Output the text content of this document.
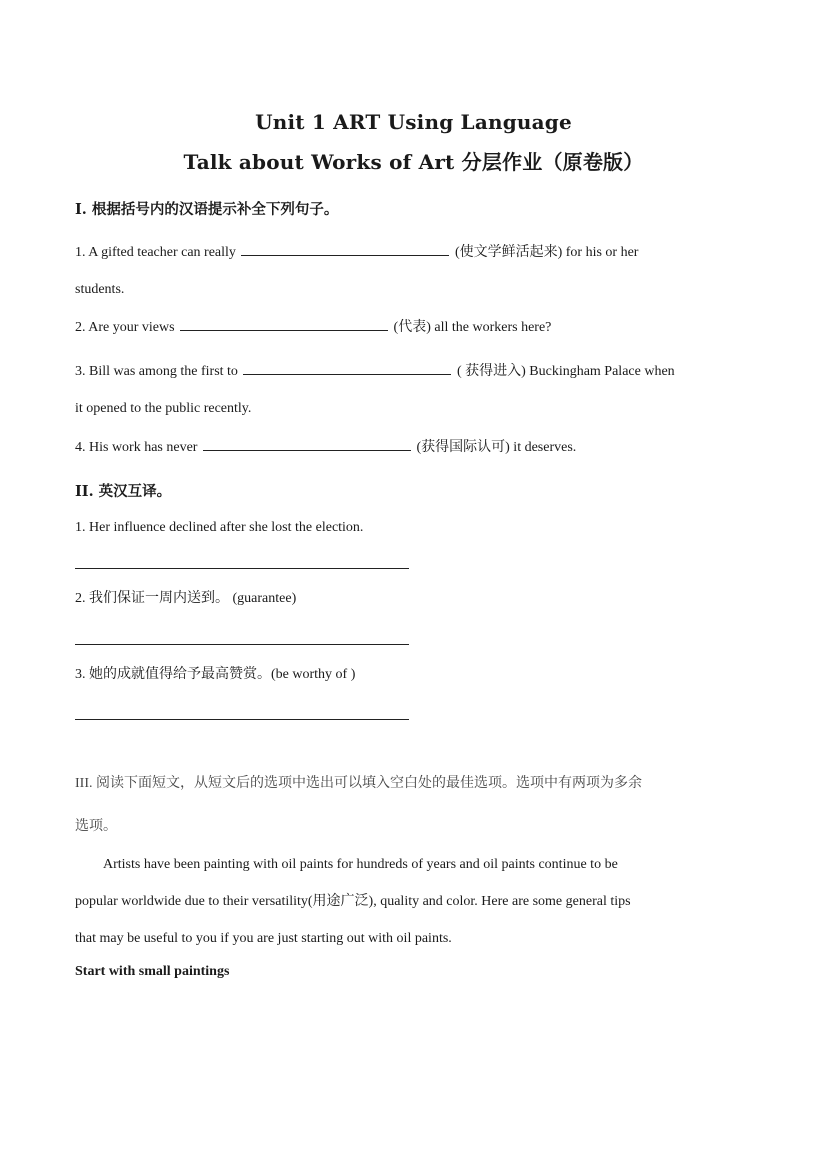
Unit 1 ART Using Language
Talk about Works of Art 分层作业（原卷版）
I. 根据括号内的汉语提示补全下列句子。
1. A gifted teacher can really	(使文学鲜活起来) for his or her
students.
2. Are your views	(代表) all the workers here?
3. Bill was among the first to	( 获得进入) Buckingham Palace when
it opened to the public recently.
4. His work has never	(获得国际认可) it deserves.
II. 英汉互译。
1. Her influence declined after she lost the election.
2. 我们保证一周内送到。 (guarantee)
3. 她的成就值得给予最高赞赏。(be worthy of )
III. 阅读下面短文，从短文后的选项中选出可以填入空白处的最佳选项。选项中有两项为多余
选项。
Artists have been painting with oil paints for hundreds of years and oil paints continue to be
popular worldwide due to their versatility(用途广泛), quality and color. Here are some general tips
that may be useful to you if you are just starting out with oil paints.
Start with small paintings
